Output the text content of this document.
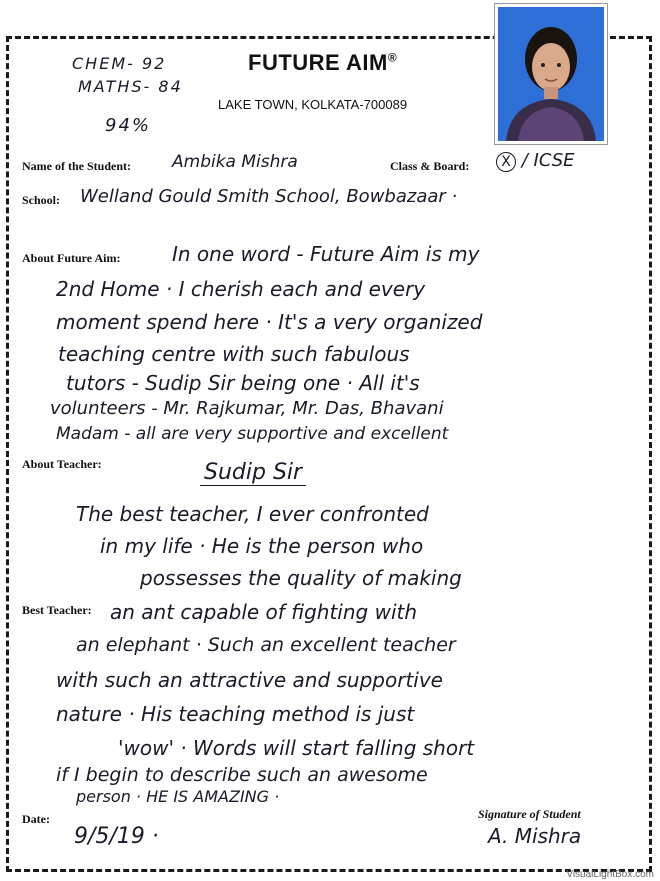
CHEM- 92
MATHS- 84
94%
FUTURE AIM®
LAKE TOWN, KOLKATA-700089
Name of the Student: Ambika Mishra	Class & Board:	X / ICSE
School: Welland Gould Smith School, Bowbazaar ·
About Future Aim:	In one word - Future Aim is my
2nd Home · I cherish each and every
moment spend here · It's a very organized
teaching centre with such fabulous
tutors - Sudip Sir being one · All it's
volunteers - Mr. Rajkumar, Mr. Das, Bhavani
Madam - all are very supportive and excellent
About Teacher:	Sudip Sir
The best teacher, I ever confronted
in my life · He is the person who
possesses the quality of making
Best Teacher: an ant capable of fighting with
an elephant · Such an excellent teacher
with such an attractive and supportive
nature · His teaching method is just
'wow' · Words will start falling short
if I begin to describe such an awesome
person · HE IS AMAZING ·
Date:
9/5/19 ·
Signature of Student
A. Mishra
VisualLightBox.com
